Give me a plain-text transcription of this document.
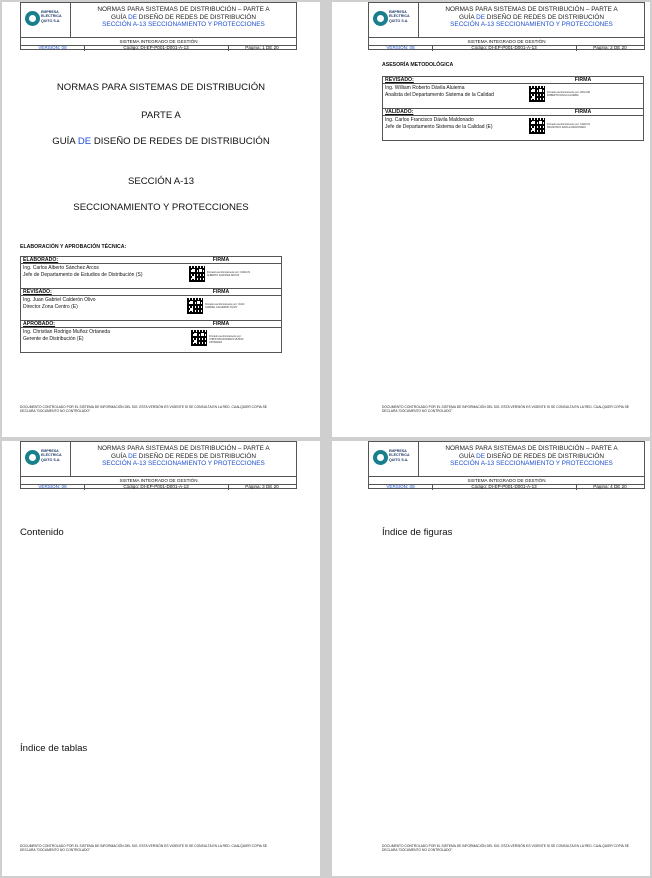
EMPRESA
ELÉCTRICA
QUITO S.A.
NORMAS PARA SISTEMAS DE DISTRIBUCIÓN – PARTE A
GUÍA DE DISEÑO DE REDES DE DISTRIBUCIÓN
SECCIÓN A-13 SECCIONAMIENTO Y PROTECCIONES
SISTEMA INTEGRADO DE GESTIÓN
VERSIÓN: 08	Código: DI-EP-P001-D001-A-13	Página: 1 DE 20
NORMAS PARA SISTEMAS DE DISTRIBUCIÓN
PARTE A
GUÍA DE DISEÑO DE REDES DE DISTRIBUCIÓN
SECCIÓN A-13
SECCIONAMIENTO Y PROTECCIONES
ELABORACIÓN Y APROBACIÓN TÉCNICA:
ELABORADO:	FIRMA
Ing. Carlos Alberto Sánchez Arcos
Jefe de Departamento de Estudios de Distribución (S)	Firmado electrónicamente por: CARLOS ALBERTO SANCHEZ ARCOS
REVISADO:	FIRMA
Ing. Juan Gabriel Calderón Olivo
Director Zona Centro (E)	Firmado electrónicamente por: JUAN GABRIEL CALDERON OLIVO
APROBADO:	FIRMA
Ing. Christian Rodrigo Muñoz Ortaneda
Gerente de Distribución (E)	Firmado electrónicamente por: CHRISTIAN RODRIGO MUÑOZ ORTANEDA
DOCUMENTO CONTROLADO POR EL SISTEMA DE INFORMACIÓN DEL SIG. ESTA VERSIÓN ES VIGENTE SI SE CONSULTA EN LA RED. CUALQUIER COPIA SE
DECLARA "DOCUMENTO NO CONTROLADO"
EMPRESA
ELÉCTRICA
QUITO S.A.
NORMAS PARA SISTEMAS DE DISTRIBUCIÓN – PARTE A
GUÍA DE DISEÑO DE REDES DE DISTRIBUCIÓN
SECCIÓN A-13 SECCIONAMIENTO Y PROTECCIONES
SISTEMA INTEGRADO DE GESTIÓN
VERSIÓN: 08	Código: DI-EP-P001-D001-A-13	Página: 2 DE 20
ASESORÍA METODOLÓGICA
REVISADO:	FIRMA
Ing. William Roberto Dávila Aluiema
Analista del Departamento Sistema de la Calidad	Firmado electrónicamente por: WILLIAM ROBERTO DAVILA ALUIEMA
VALIDADO:	FIRMA
Ing. Carlos Francisco Dávila Maldonado
Jefe de Departamento Sistema de la Calidad (E)	Firmado electrónicamente por: CARLOS FRANCISCO DAVILA MALDONADO
DOCUMENTO CONTROLADO POR EL SISTEMA DE INFORMACIÓN DEL SIG. ESTA VERSIÓN ES VIGENTE SI SE CONSULTA EN LA RED. CUALQUIER COPIA SE
DECLARA "DOCUMENTO NO CONTROLADO"
EMPRESA
ELÉCTRICA
QUITO S.A.
NORMAS PARA SISTEMAS DE DISTRIBUCIÓN – PARTE A
GUÍA DE DISEÑO DE REDES DE DISTRIBUCIÓN
SECCIÓN A-13 SECCIONAMIENTO Y PROTECCIONES
SISTEMA INTEGRADO DE GESTIÓN
VERSIÓN: 08	Código: DI-EP-P001-D001-A-13	Página: 3 DE 20
Contenido
Índice de tablas
DOCUMENTO CONTROLADO POR EL SISTEMA DE INFORMACIÓN DEL SIG. ESTA VERSIÓN ES VIGENTE SI SE CONSULTA EN LA RED. CUALQUIER COPIA SE
DECLARA "DOCUMENTO NO CONTROLADO"
EMPRESA
ELÉCTRICA
QUITO S.A.
NORMAS PARA SISTEMAS DE DISTRIBUCIÓN – PARTE A
GUÍA DE DISEÑO DE REDES DE DISTRIBUCIÓN
SECCIÓN A-13 SECCIONAMIENTO Y PROTECCIONES
SISTEMA INTEGRADO DE GESTIÓN
VERSIÓN: 08	Código: DI-EP-P001-D001-A-13	Página: 4 DE 20
Índice de figuras
DOCUMENTO CONTROLADO POR EL SISTEMA DE INFORMACIÓN DEL SIG. ESTA VERSIÓN ES VIGENTE SI SE CONSULTA EN LA RED. CUALQUIER COPIA SE
DECLARA "DOCUMENTO NO CONTROLADO"
